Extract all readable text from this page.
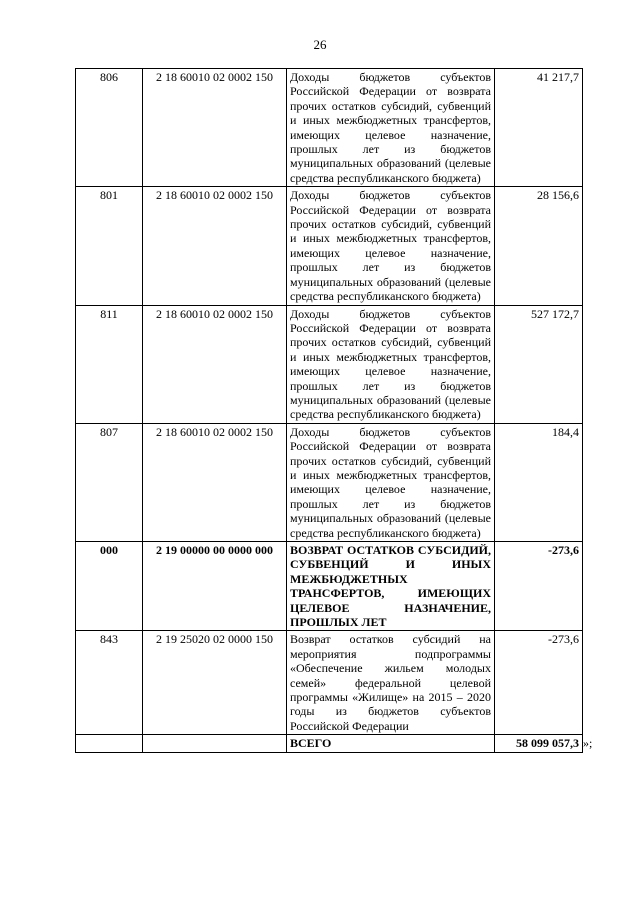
26
806	2 18 60010 02 0002 150	Доходы бюджетов субъектов Российской Федерации от возврата прочих остатков субсидий, субвенций и иных межбюджетных трансфертов, имеющих целевое назначение, прошлых лет из бюджетов муниципальных образований (целевые средства республиканского бюджета)	41 217,7
801	2 18 60010 02 0002 150	Доходы бюджетов субъектов Российской Федерации от возврата прочих остатков субсидий, субвенций и иных межбюджетных трансфертов, имеющих целевое назначение, прошлых лет из бюджетов муниципальных образований (целевые средства республиканского бюджета)	28 156,6
811	2 18 60010 02 0002 150	Доходы бюджетов субъектов Российской Федерации от возврата прочих остатков субсидий, субвенций и иных межбюджетных трансфертов, имеющих целевое назначение, прошлых лет из бюджетов муниципальных образований (целевые средства республиканского бюджета)	527 172,7
807	2 18 60010 02 0002 150	Доходы бюджетов субъектов Российской Федерации от возврата прочих остатков субсидий, субвенций и иных межбюджетных трансфертов, имеющих целевое назначение, прошлых лет из бюджетов муниципальных образований (целевые средства республиканского бюджета)	184,4
000	2 19 00000 00 0000 000	ВОЗВРАТ ОСТАТКОВ СУБСИДИЙ, СУБВЕНЦИЙ И ИНЫХ МЕЖБЮДЖЕТНЫХ ТРАНСФЕРТОВ, ИМЕЮЩИХ ЦЕЛЕВОЕ НАЗНАЧЕНИЕ, ПРОШЛЫХ ЛЕТ	-273,6
843	2 19 25020 02 0000 150	Возврат остатков субсидий на мероприятия подпрограммы «Обеспечение жильем молодых семей» федеральной целевой программы «Жилище» на 2015 – 2020 годы из бюджетов субъектов Российской Федерации	-273,6
		ВСЕГО	58 099 057,3 »;
